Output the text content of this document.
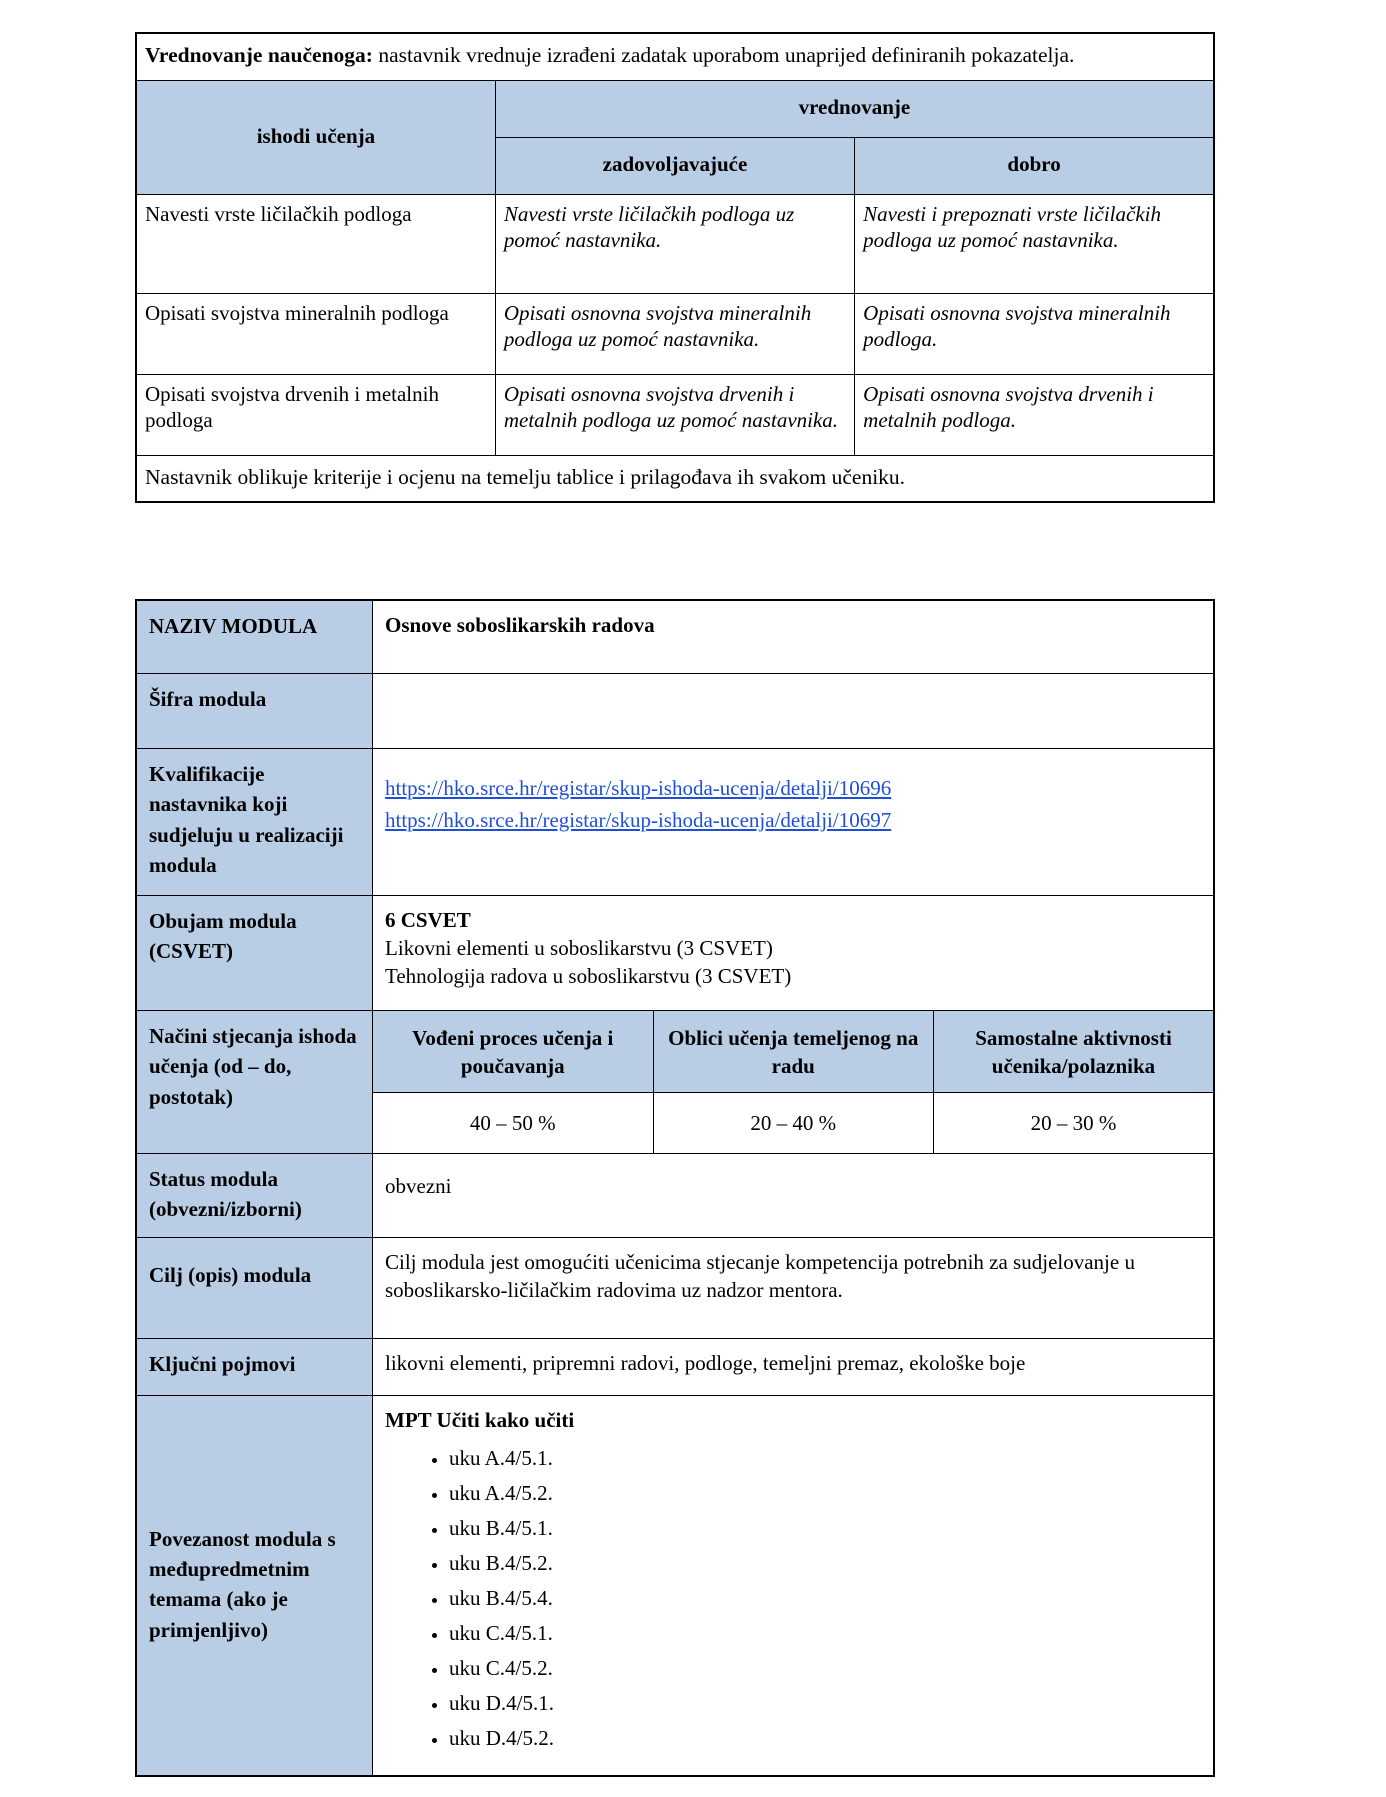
Vrednovanje naučenoga: nastavnik vrednuje izrađeni zadatak uporabom unaprijed definiranih pokazatelja.		
ishodi učenja	vrednovanje	
	zadovoljavajuće	dobro
Navesti vrste ličilačkih podloga	Navesti vrste ličilačkih podloga uz pomoć nastavnika.	Navesti i prepoznati vrste ličilačkih podloga uz pomoć nastavnika.
Opisati svojstva mineralnih podloga	Opisati osnovna svojstva mineralnih podloga uz pomoć nastavnika.	Opisati osnovna svojstva mineralnih podloga.
Opisati svojstva drvenih i metalnih podloga	Opisati osnovna svojstva drvenih i metalnih podloga uz pomoć nastavnika.	Opisati osnovna svojstva drvenih i metalnih podloga.
Nastavnik oblikuje kriterije i ocjenu na temelju tablice i prilagođava ih svakom učeniku.		
NAZIV MODULA	Osnove soboslikarskih radova		
Šifra modula			
Kvalifikacije nastavnika koji sudjeluju u realizaciji modula	https://hko.srce.hr/registar/skup-ishoda-ucenja/detalji/10696
https://hko.srce.hr/registar/skup-ishoda-ucenja/detalji/10697		

Obujam modula (CSVET)	6 CSVET
Likovni elementi u soboslikarstvu (3 CSVET)
Tehnologija radova u soboslikarstvu (3 CSVET)		
Načini stjecanja ishoda učenja (od – do, postotak)	Vođeni proces učenja i poučavanja	Oblici učenja temeljenog na radu	Samostalne aktivnosti učenika/polaznika
	40 – 50 %	20 – 40 %	20 – 30 %
Status modula (obvezni/izborni)	obvezni		
Cilj (opis) modula	Cilj modula jest omogućiti učenicima stjecanje kompetencija potrebnih za sudjelovanje u soboslikarsko-ličilačkim radovima uz nadzor mentora.		
Ključni pojmovi	likovni elementi, pripremni radovi, podloge, temeljni premaz, ekološke boje		
Povezanost modula s međupredmetnim temama (ako je primjenljivo)	MPT Učiti kako učiti
• uku A.4/5.1.
• uku A.4/5.2.
• uku B.4/5.1.
• uku B.4/5.2.
• uku B.4/5.4.
• uku C.4/5.1.
• uku C.4/5.2.
• uku D.4/5.1.
• uku D.4/5.2.
